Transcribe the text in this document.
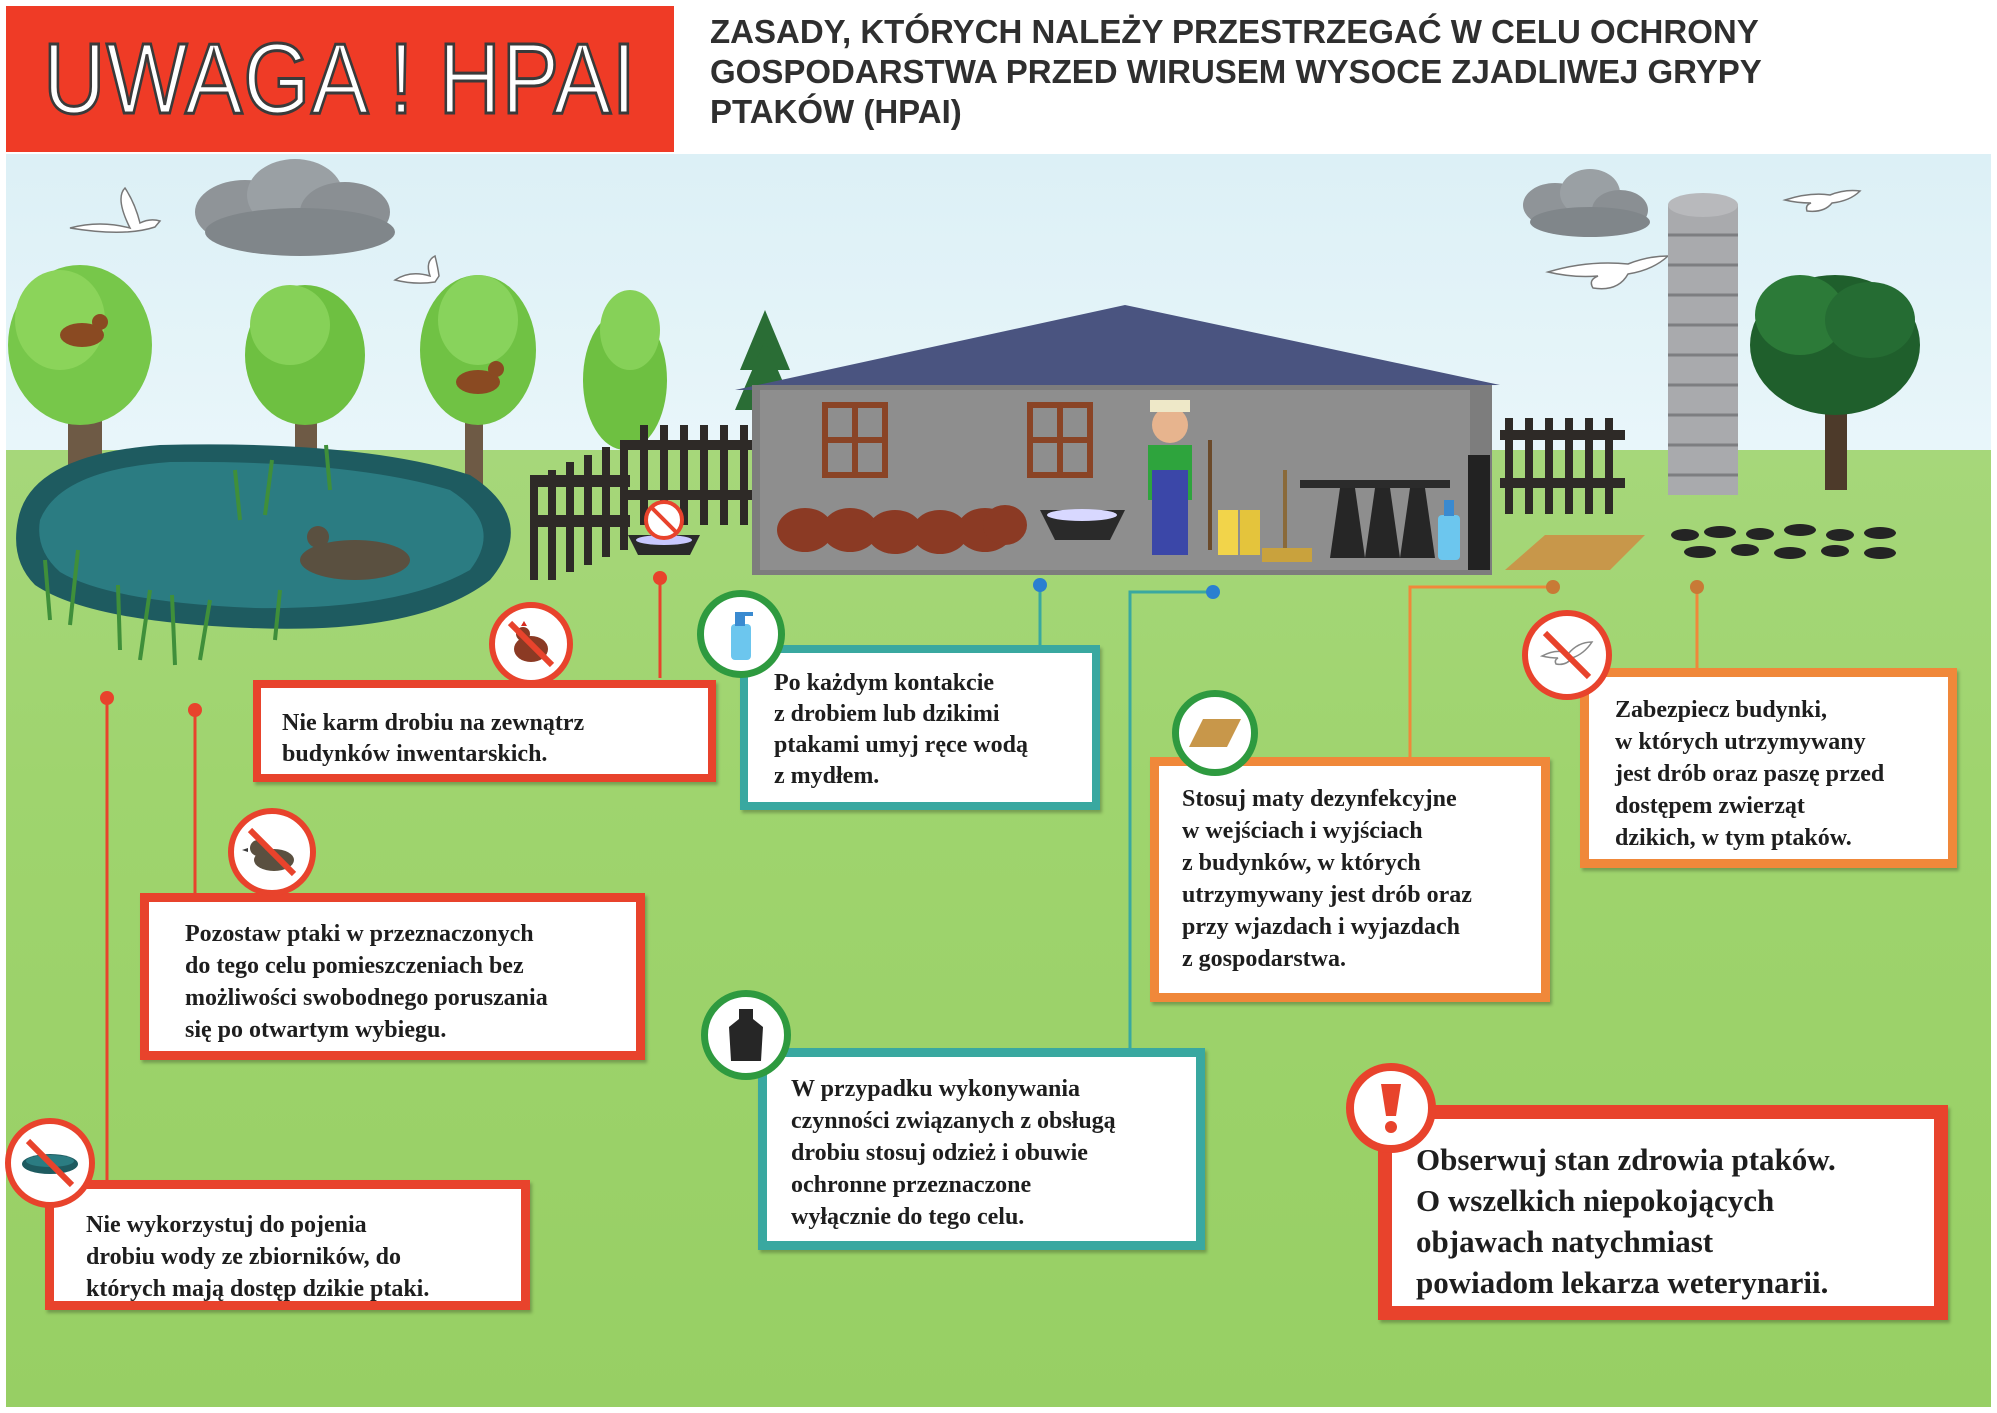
UWAGA ! HPAI ZASADY, KTÓRYCH NALEŻY PRZESTRZEGAĆ W CELU OCHRONY
GOSPODARSTWA PRZED WIRUSEM WYSOCE ZJADLIWEJ GRYPY
PTAKÓW (HPAI)
Nie karm drobiu na zewnątrz
budynków inwentarskich.
Po każdym kontakcie
z drobiem lub dzikimi
ptakami umyj ręce wodą
z mydłem.
Pozostaw ptaki w przeznaczonych
do tego celu pomieszczeniach bez
możliwości swobodnego poruszania
się po otwartym wybiegu.
Stosuj maty dezynfekcyjne
w wejściach i wyjściach
z budynków, w których
utrzymywany jest drób oraz
przy wjazdach i wyjazdach
z gospodarstwa.
Zabezpiecz budynki,
w których utrzymywany
jest drób oraz paszę przed
dostępem zwierząt
dzikich, w tym ptaków.
Nie wykorzystuj do pojenia
drobiu wody ze zbiorników, do
których mają dostęp dzikie ptaki.
W przypadku wykonywania
czynności związanych z obsługą
drobiu stosuj odzież i obuwie
ochronne przeznaczone
wyłącznie do tego celu.
Obserwuj stan zdrowia ptaków.
O wszelkich niepokojących
objawach natychmiast
powiadom lekarza weterynarii.
